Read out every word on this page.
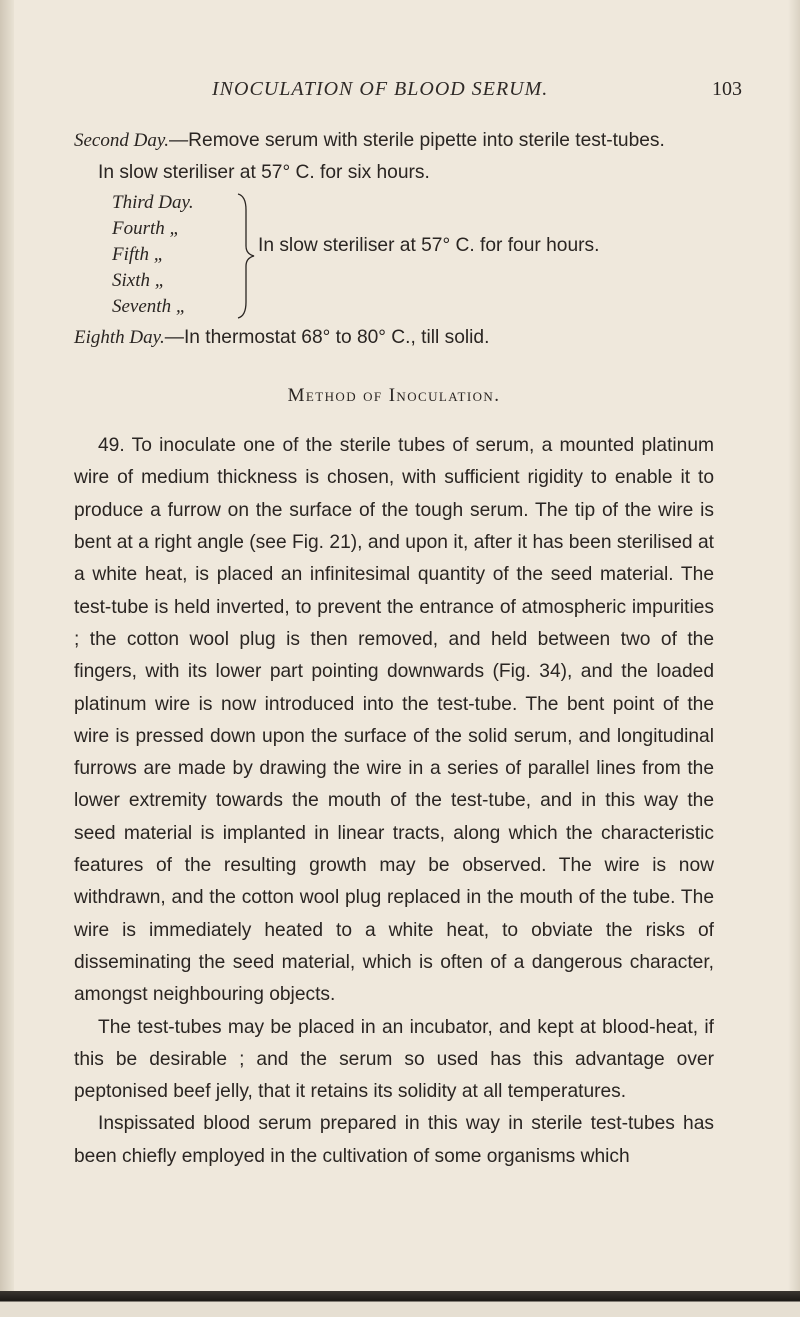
INOCULATION OF BLOOD SERUM.	103

Second Day.—Remove serum with sterile pipette into sterile test-tubes.

In slow steriliser at 57° C. for six hours.

Third Day.
Fourth „
Fifth „
Sixth „
Seventh „
In slow steriliser at 57° C. for four hours.

Eighth Day.—In thermostat 68° to 80° C., till solid.

Method of Inoculation.

49. To inoculate one of the sterile tubes of serum, a mounted platinum wire of medium thickness is chosen, with sufficient rigidity to enable it to produce a furrow on the surface of the tough serum. The tip of the wire is bent at a right angle (see Fig. 21), and upon it, after it has been sterilised at a white heat, is placed an infinitesimal quantity of the seed material. The test-tube is held inverted, to prevent the entrance of atmospheric impurities ; the cotton wool plug is then removed, and held between two of the fingers, with its lower part pointing downwards (Fig. 34), and the loaded platinum wire is now introduced into the test-tube. The bent point of the wire is pressed down upon the surface of the solid serum, and longitudinal furrows are made by drawing the wire in a series of parallel lines from the lower extremity towards the mouth of the test-tube, and in this way the seed material is implanted in linear tracts, along which the characteristic features of the resulting growth may be observed. The wire is now withdrawn, and the cotton wool plug replaced in the mouth of the tube. The wire is immediately heated to a white heat, to obviate the risks of disseminating the seed material, which is often of a dangerous character, amongst neighbouring objects.

The test-tubes may be placed in an incubator, and kept at blood-heat, if this be desirable ; and the serum so used has this advantage over peptonised beef jelly, that it retains its solidity at all temperatures.

Inspissated blood serum prepared in this way in sterile test-tubes has been chiefly employed in the cultivation of some organisms which
